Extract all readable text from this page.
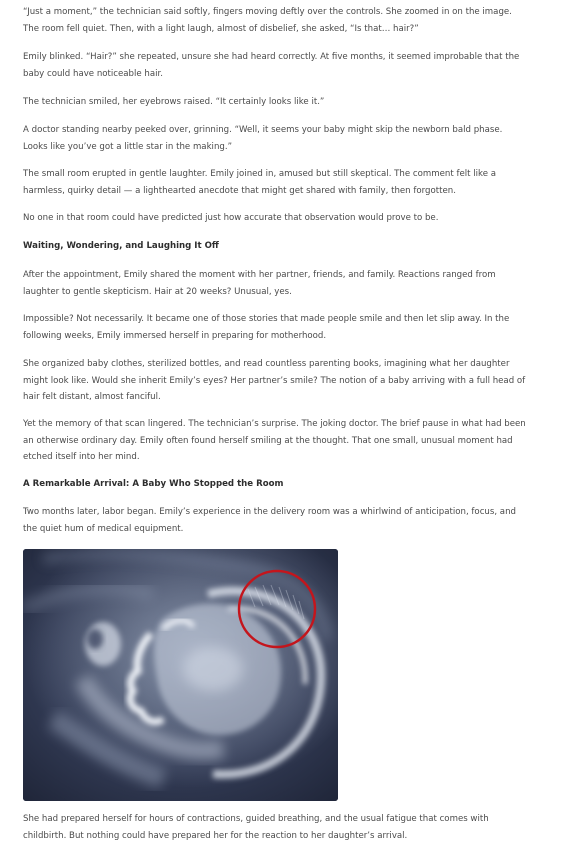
“Just a moment,” the technician said softly, fingers moving deftly over the controls. She zoomed in on the image. The room fell quiet. Then, with a light laugh, almost of disbelief, she asked, “Is that… hair?”

Emily blinked. “Hair?” she repeated, unsure she had heard correctly. At five months, it seemed improbable that the baby could have noticeable hair.

The technician smiled, her eyebrows raised. “It certainly looks like it.”

A doctor standing nearby peeked over, grinning. “Well, it seems your baby might skip the newborn bald phase. Looks like you’ve got a little star in the making.”

The small room erupted in gentle laughter. Emily joined in, amused but still skeptical. The comment felt like a harmless, quirky detail — a lighthearted anecdote that might get shared with family, then forgotten.

No one in that room could have predicted just how accurate that observation would prove to be.

Waiting, Wondering, and Laughing It Off

After the appointment, Emily shared the moment with her partner, friends, and family. Reactions ranged from laughter to gentle skepticism. Hair at 20 weeks? Unusual, yes.

Impossible? Not necessarily. It became one of those stories that made people smile and then let slip away. In the following weeks, Emily immersed herself in preparing for motherhood.

She organized baby clothes, sterilized bottles, and read countless parenting books, imagining what her daughter might look like. Would she inherit Emily’s eyes? Her partner’s smile? The notion of a baby arriving with a full head of hair felt distant, almost fanciful.

Yet the memory of that scan lingered. The technician’s surprise. The joking doctor. The brief pause in what had been an otherwise ordinary day. Emily often found herself smiling at the thought. That one small, unusual moment had etched itself into her mind.

A Remarkable Arrival: A Baby Who Stopped the Room

Two months later, labor began. Emily’s experience in the delivery room was a whirlwind of anticipation, focus, and the quiet hum of medical equipment.

She had prepared herself for hours of contractions, guided breathing, and the usual fatigue that comes with childbirth. But nothing could have prepared her for the reaction to her daughter’s arrival.
